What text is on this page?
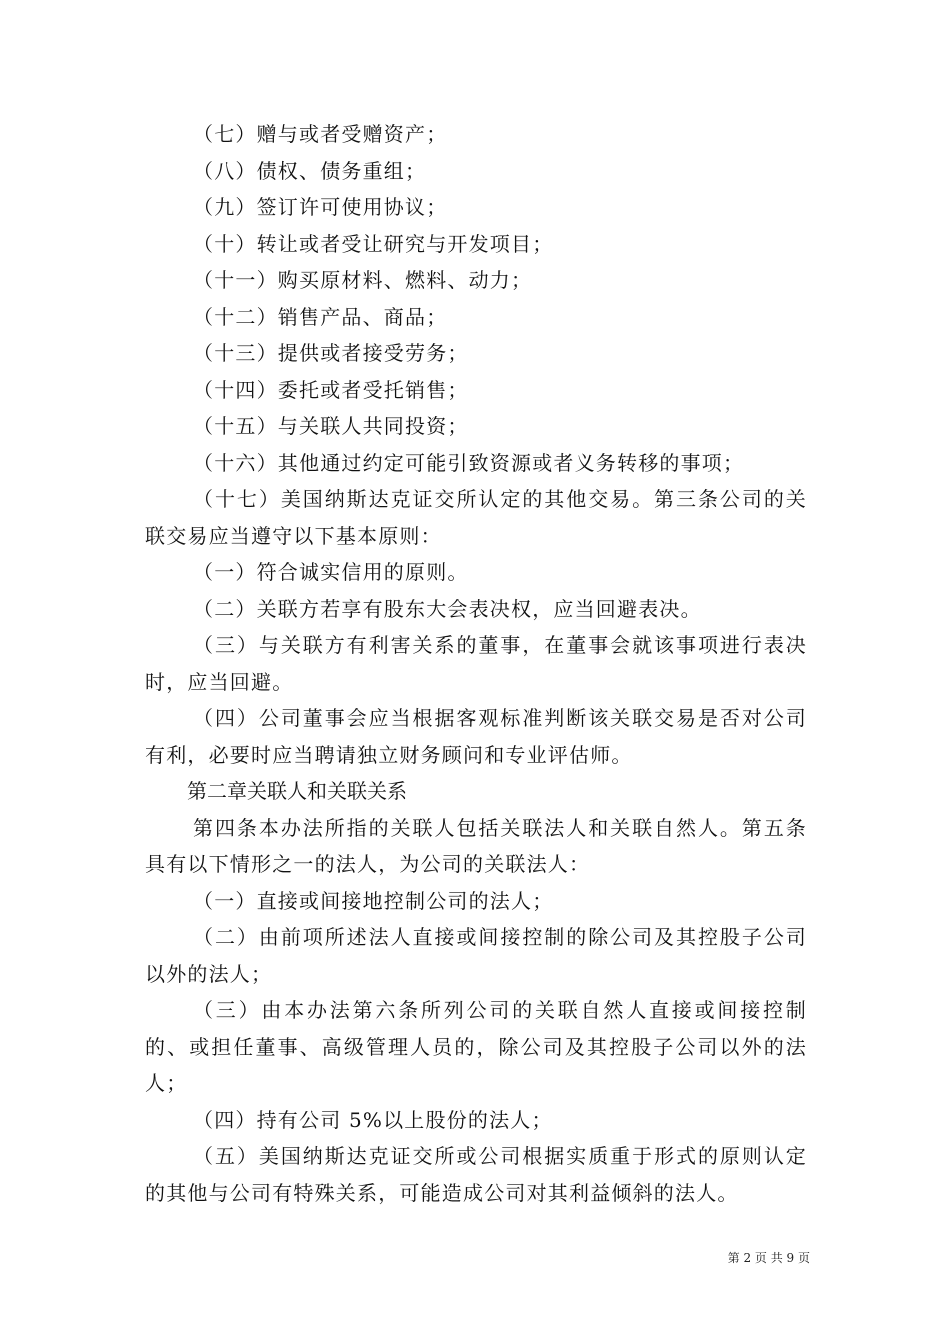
（七）赠与或者受赠资产；

（八）债权、债务重组；

（九）签订许可使用协议；

（十）转让或者受让研究与开发项目；

（十一）购买原材料、燃料、动力；

（十二）销售产品、商品；

（十三）提供或者接受劳务；

（十四）委托或者受托销售；

（十五）与关联人共同投资；

（十六）其他通过约定可能引致资源或者义务转移的事项；

（十七）美国纳斯达克证交所认定的其他交易。第三条公司的关联交易应当遵守以下基本原则：

（一）符合诚实信用的原则。

（二）关联方若享有股东大会表决权，应当回避表决。

（三）与关联方有利害关系的董事，在董事会就该事项进行表决时，应当回避。

（四）公司董事会应当根据客观标准判断该关联交易是否对公司有利，必要时应当聘请独立财务顾问和专业评估师。

第二章关联人和关联关系

第四条本办法所指的关联人包括关联法人和关联自然人。第五条具有以下情形之一的法人，为公司的关联法人：

（一）直接或间接地控制公司的法人；

（二）由前项所述法人直接或间接控制的除公司及其控股子公司以外的法人；

（三）由本办法第六条所列公司的关联自然人直接或间接控制的、或担任董事、高级管理人员的，除公司及其控股子公司以外的法人；

（四）持有公司 5%以上股份的法人；

（五）美国纳斯达克证交所或公司根据实质重于形式的原则认定的其他与公司有特殊关系，可能造成公司对其利益倾斜的法人。

第 2 页 共 9 页
